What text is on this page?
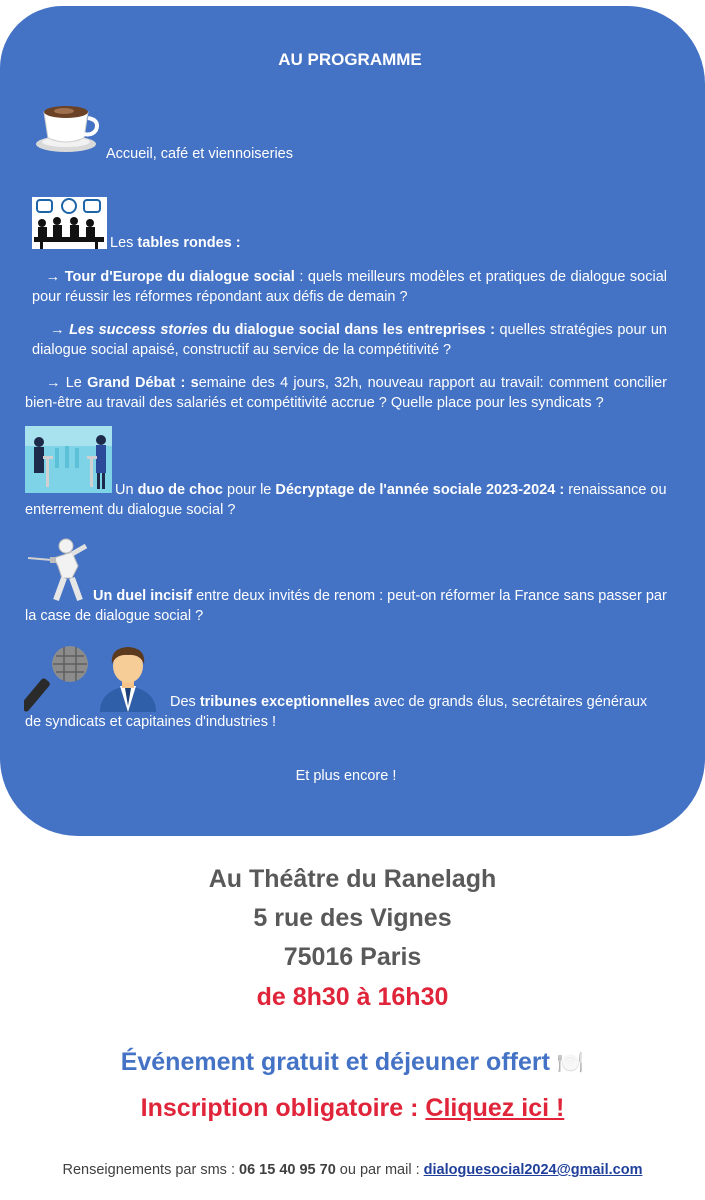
AU PROGRAMME
Accueil, café et viennoiseries
Les tables rondes :
→ Tour d'Europe du dialogue social : quels meilleurs modèles et pratiques de dialogue social pour réussir les réformes répondant aux défis de demain ?
→ Les success stories du dialogue social dans les entreprises : quelles stratégies pour un dialogue social apaisé, constructif au service de la compétitivité ?
→ Le Grand Débat : semaine des 4 jours, 32h, nouveau rapport au travail: comment concilier bien-être au travail des salariés et compétitivité accrue ? Quelle place pour les syndicats ?
Un duo de choc pour le Décryptage de l'année sociale 2023-2024 : renaissance ou enterrement du dialogue social ?
Un duel incisif entre deux invités de renom : peut-on réformer la France sans passer par la case de dialogue social ?
Des tribunes exceptionnelles avec de grands élus, secrétaires généraux de syndicats et capitaines d'industries !
Et plus encore !
Au Théâtre du Ranelagh
5 rue des Vignes
75016 Paris
de 8h30 à 16h30
Événement gratuit et déjeuner offert 🍽️
Inscription obligatoire : Cliquez ici !
Renseignements par sms : 06 15 40 95 70 ou par mail : dialoguesocial2024@gmail.com
